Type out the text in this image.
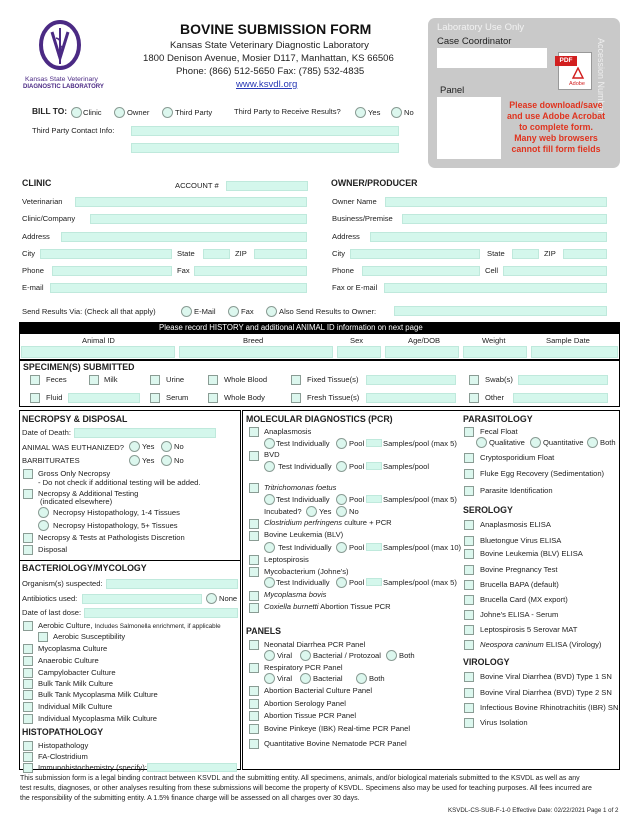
Kansas State Veterinary
DIAGNOSTIC LABORATORY
BOVINE SUBMISSION FORM
Kansas State Veterinary Diagnostic Laboratory
1800 Denison Avenue, Mosier D117, Manhattan, KS 66506
Phone: (866) 512-5650 Fax: (785) 532-4835
www.ksvdl.org
Laboratory Use Only
Case Coordinator
Panel
PDF
Adobe Accession Number
Please download/save
and use Adobe Acrobat
to complete form.
Many web browsers
cannot fill form fields
BILL TO: Clinic	Owner	Third Party	Third Party to Receive Results?	Yes	No
Third Party Contact Info:
CLINIC	ACCOUNT #
Veterinarian
Clinic/Company
Address
City	State	ZIP
Phone	Fax
E-mail
OWNER/PRODUCER
Owner Name
Business/Premise
Address
City	State	ZIP
Phone	Cell
Fax or E-mail
Send Results Via: (Check all that apply)	E-Mail	Fax	Also Send Results to Owner:
Please record HISTORY and additional ANIMAL ID information on next page
Animal ID	Breed	Sex	Age/DOB	Weight	Sample Date
SPECIMEN(S) SUBMITTED
Feces	Milk	Urine	Whole Blood	Fixed Tissue(s)	Swab(s)
Fluid	Serum	Whole Body	Fresh Tissue(s)	Other
NECROPSY & DISPOSAL
Date of Death:
ANIMAL WAS EUTHANIZED? Yes	No
BARBITURATES	Yes	No
Gross Only Necropsy
- Do not check if additional testing will be added.
Necropsy & Additional Testing
(indicated elsewhere)
Necropsy Histopathology, 1-4 Tissues
Necropsy Histopathology, 5+ Tissues
Necropsy & Tests at Pathologists Discretion
Disposal
BACTERIOLOGY/MYCOLOGY
Organism(s) suspected:
Antibiotics used:	None
Date of last dose:
Aerobic Culture, Includes Salmonella enrichment, if applicable
Aerobic Susceptibility
Mycoplasma Culture
Anaerobic Culture
Campylobacter Culture
Bulk Tank Milk Culture
Bulk Tank Mycoplasma Milk Culture
Individual Milk Culture
Individual Mycoplasma Milk Culture
HISTOPATHOLOGY
Histopathology
FA-Clostridium
Immunohistochemistry (specify):
MOLECULAR DIAGNOSTICS (PCR)
Anaplasmosis
Test Individually	Pool Samples/pool (max 5)
BVD
Test Individually Pool Samples/pool
Tritrichomonas foetus
Test Individually	Pool Samples/pool (max 5)
Incubated? Yes No
Clostridium perfringens culture + PCR
Bovine Leukemia (BLV)
Test Individually Pool Samples/pool (max 10)
Leptospirosis
Mycobacterium (Johne's)
Test Individually	Pool Samples/pool (max 5)
Mycoplasma bovis
Coxiella burnetti Abortion Tissue PCR
PANELS
Neonatal Diarrhea PCR Panel
Viral	Bacterial / Protozoal Both
Respiratory PCR Panel
Viral	Bacterial	Both
Abortion Bacterial Culture Panel
Abortion Serology Panel
Abortion Tissue PCR Panel
Bovine Pinkeye (IBK) Real-time PCR Panel
Quantitative Bovine Nematode PCR Panel
PARASITOLOGY
Fecal Float
Qualitative Quantitative Both
Cryptosporidium Float
Fluke Egg Recovery (Sedimentation)
Parasite Identification
SEROLOGY
Anaplasmosis ELISA
Bluetongue Virus ELISA
Bovine Leukemia (BLV) ELISA
Bovine Pregnancy Test
Brucella BAPA (default)
Brucella Card (MX export)
Johne's ELISA - Serum
Leptospirosis 5 Serovar MAT
Neospora caninum ELISA (Virology)
VIROLOGY
Bovine Viral Diarrhea (BVD) Type 1 SN
Bovine Viral Diarrhea (BVD) Type 2 SN
Infectious Bovine Rhinotrachitis (IBR) SN
Virus Isolation
This submission form is a legal binding contract between KSVDL and the submitting entity. All specimens, animals, and/or biological materials submitted to the KSVDL as well as any
test results, diagnoses, or other analyses resulting from these submissions will become the property of KSVDL. Specimens also may be used for teaching purposes. All fees incurred are
the responsibility of the submitting entity. A 1.5% finance charge will be assessed on all charges over 30 days.
KSVDL-CS-SUB-F-1-0 Effective Date: 02/22/2021 Page 1 of 2
